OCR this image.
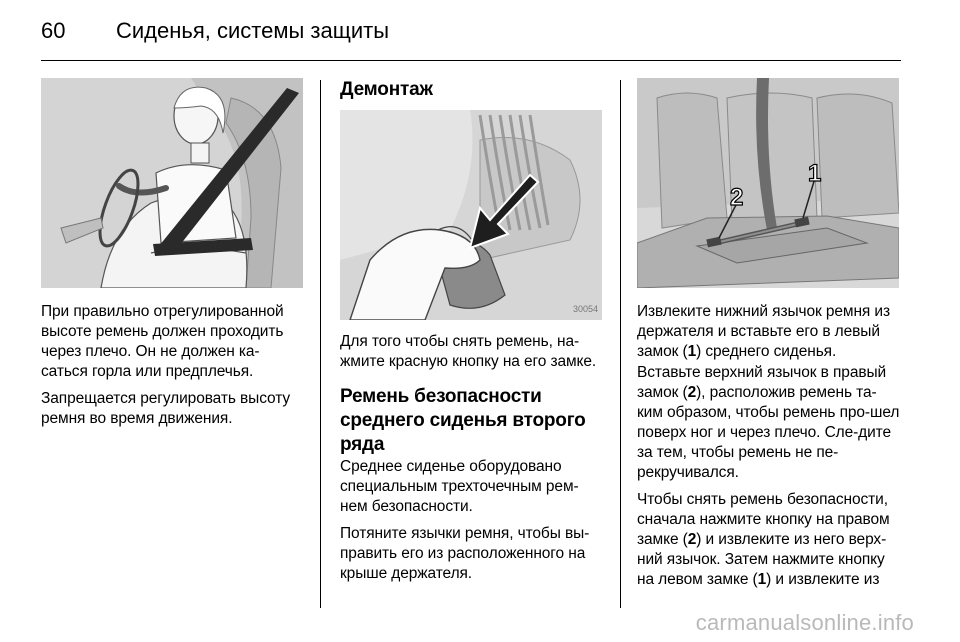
60 Сиденья, системы защиты

При правильно отрегулированной высоте ремень должен проходить через плечо. Он не должен ка-саться горла или предплечья.

Запрещается регулировать высоту ремня во время движения.

Демонтаж
30054

Для того чтобы снять ремень, на-жмите красную кнопку на его замке.

Ремень безопасности среднего сиденья второго ряда

Среднее сиденье оборудовано специальным трехточечным рем-нем безопасности.

Потяните язычки ремня, чтобы вы-править его из расположенного на крыше держателя.

1
2

Извлеките нижний язычок ремня из держателя и вставьте его в левый замок (1) среднего сиденья.

Вставьте верхний язычок в правый замок (2), расположив ремень та-ким образом, чтобы ремень про-шел поверх ног и через плечо. Сле-дите за тем, чтобы ремень не пе-рекручивался.

Чтобы снять ремень безопасности, сначала нажмите кнопку на правом замке (2) и извлеките из него верх-ний язычок. Затем нажмите кнопку на левом замке (1) и извлеките из

carmanualsonline.info
